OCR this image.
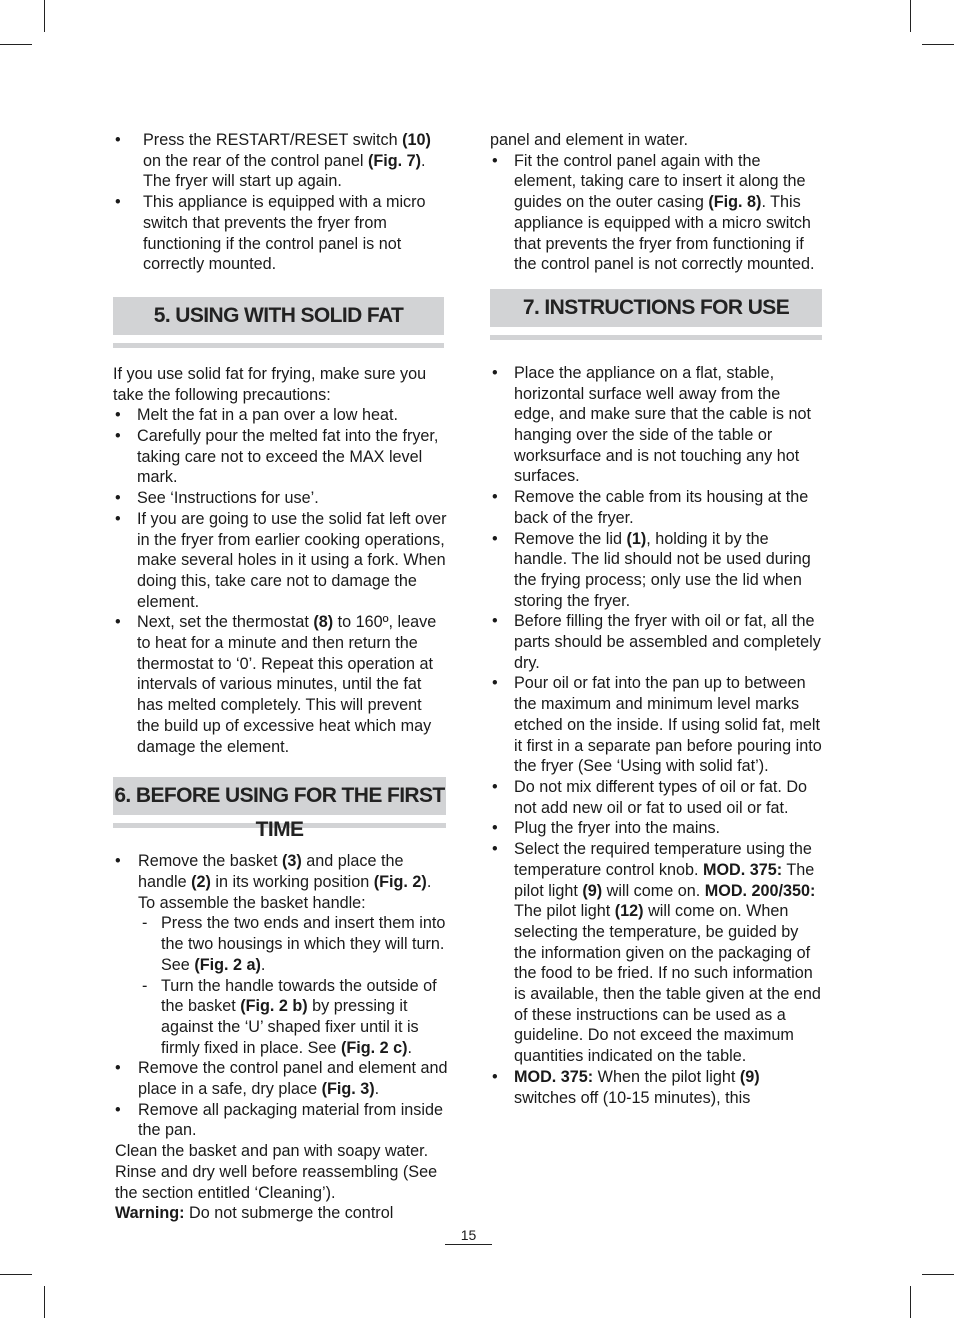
• Press the RESTART/RESET switch (10) on the rear of the control panel (Fig. 7). The fryer will start up again.
• This appliance is equipped with a micro switch that prevents the fryer from functioning if the control panel is not correctly mounted.
5. USING WITH SOLID FAT

If you use solid fat for frying, make sure you take the following precautions:

• Melt the fat in a pan over a low heat.
• Carefully pour the melted fat into the fryer, taking care not to exceed the MAX level mark.
• See ‘Instructions for use’.
• If you are going to use the solid fat left over in the fryer from earlier cooking operations, make several holes in it using a fork. When doing this, take care not to damage the element.
• Next, set the thermostat (8) to 160º, leave to heat for a minute and then return the thermostat to ‘0’. Repeat this operation at intervals of various minutes, until the fat has melted completely. This will prevent the build up of excessive heat which may damage the element.
6. BEFORE USING FOR THE FIRST TIME
• Remove the basket (3) and place the handle (2) in its working position (Fig. 2). To assemble the basket handle:
- Press the two ends and insert them into the two housings in which they will turn. See (Fig. 2 a).
- Turn the handle towards the outside of the basket (Fig. 2 b) by pressing it against the ‘U’ shaped fixer until it is firmly fixed in place. See (Fig. 2 c).
• Remove the control panel and element and place in a safe, dry place (Fig. 3).
• Remove all packaging material from inside the pan.

Clean the basket and pan with soapy water. Rinse and dry well before reassembling (See the section entitled ‘Cleaning’).
Warning: Do not submerge the control

panel and element in water.

• Fit the control panel again with the element, taking care to insert it along the guides on the outer casing (Fig. 8). This appliance is equipped with a micro switch that prevents the fryer from functioning if the control panel is not correctly mounted.
7. INSTRUCTIONS FOR USE
• Place the appliance on a flat, stable, horizontal surface well away from the edge, and make sure that the cable is not hanging over the side of the table or worksurface and is not touching any hot surfaces.
• Remove the cable from its housing at the back of the fryer.
• Remove the lid (1), holding it by the handle. The lid should not be used during the frying process; only use the lid when storing the fryer.
• Before filling the fryer with oil or fat, all the parts should be assembled and completely dry.
• Pour oil or fat into the pan up to between the maximum and minimum level marks etched on the inside. If using solid fat, melt it first in a separate pan before pouring into the fryer (See ‘Using with solid fat’).
• Do not mix different types of oil or fat. Do not add new oil or fat to used oil or fat.
• Plug the fryer into the mains.
• Select the required temperature using the temperature control knob. MOD. 375: The pilot light (9) will come on. MOD. 200/350: The pilot light (12) will come on. When selecting the temperature, be guided by the information given on the packaging of the food to be fried. If no such information is available, then the table given at the end of these instructions can be used as a guideline. Do not exceed the maximum quantities indicated on the table.
• MOD. 375: When the pilot light (9) switches off (10-15 minutes), this
15
